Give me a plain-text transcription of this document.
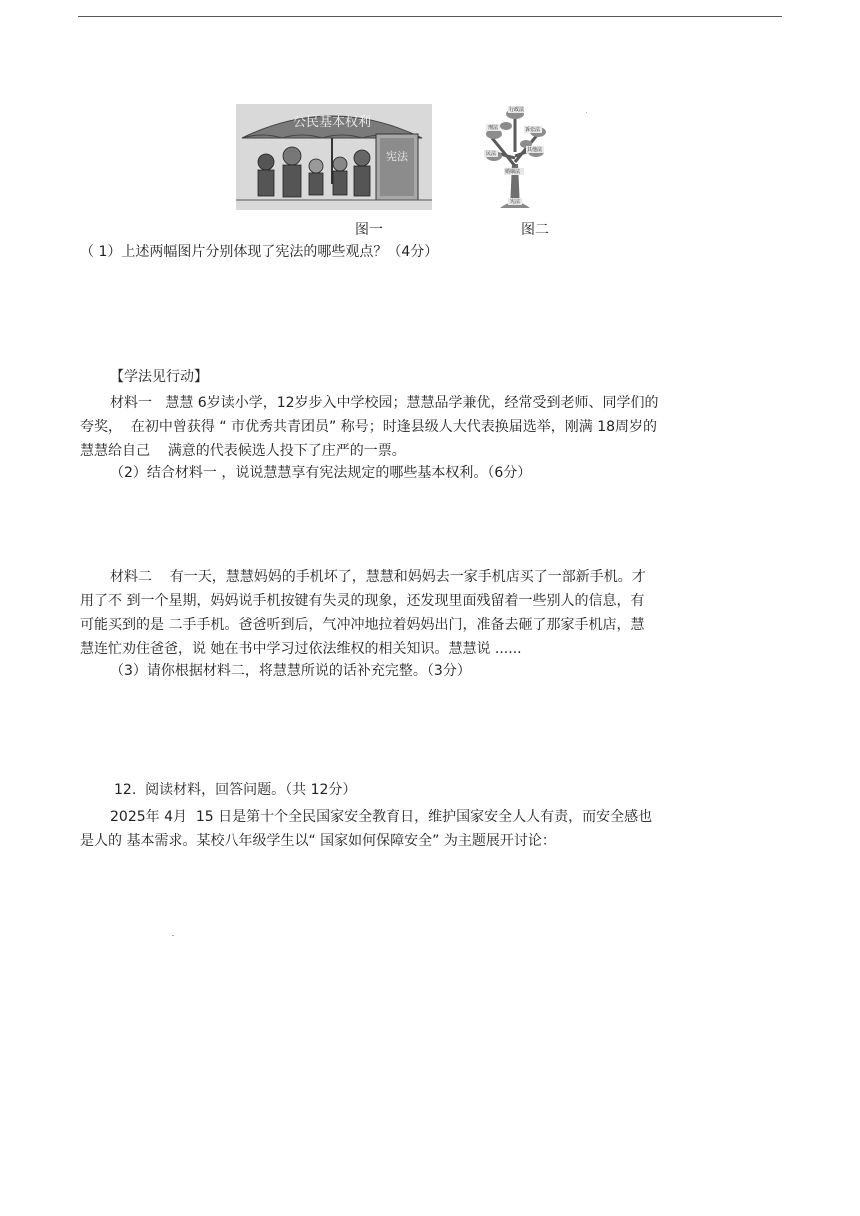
公民基本权利
宪法
图一
行政法
刑法	诉讼法
民法
其他法
婚姻法
宪法
图二
（ 1）上述两幅图片分别体现了宪法的哪些观点？（4分）
【学法见行动】
材料一   慧慧 6岁读小学，12岁步入中学校园；慧慧品学兼优，经常受到老师、同学们的
夸奖，  在初中曾获得 “ 市优秀共青团员” 称号；时逢县级人大代表换届选举，刚满 18周岁的
慧慧给自己    满意的代表候选人投下了庄严的一票。
（2）结合材料一 ，说说慧慧享有宪法规定的哪些基本权利。（6分）
材料二    有一天，慧慧妈妈的手机坏了，慧慧和妈妈去一家手机店买了一部新手机。才
用了不 到一个星期，妈妈说手机按键有失灵的现象，还发现里面残留着一些别人的信息，有
可能买到的是 二手手机。爸爸听到后，气冲冲地拉着妈妈出门，准备去砸了那家手机店，慧
慧连忙劝住爸爸，说 她在书中学习过依法维权的相关知识。慧慧说 ......
（3）请你根据材料二，将慧慧所说的话补充完整。（3分）
12.  阅读材料，回答问题。（共 12分）
2025年 4月  15 日是第十个全民国家安全教育日，维护国家安全人人有责，而安全感也
是人的 基本需求。某校八年级学生以“ 国家如何保障安全” 为主题展开讨论：
